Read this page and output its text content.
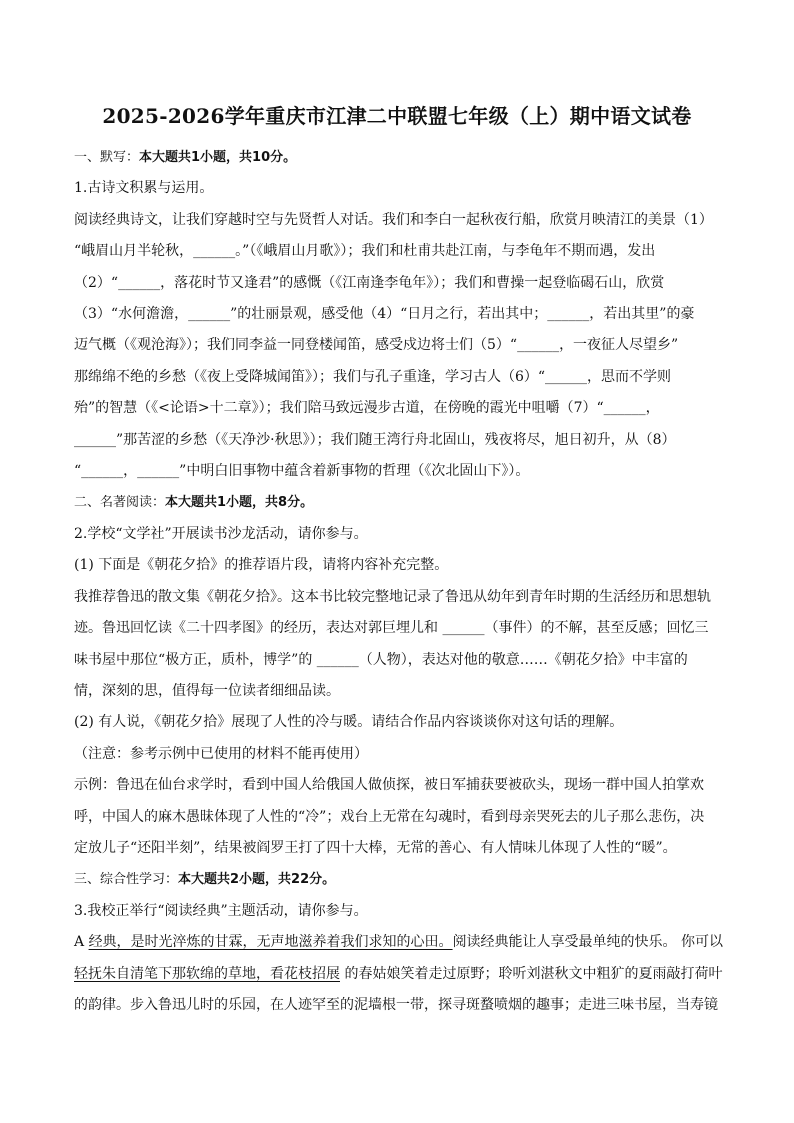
2025-2026学年重庆市江津二中联盟七年级（上）期中语文试卷

一、默写：本大题共1小题，共10分。

1.古诗文积累与运用。

阅读经典诗文，让我们穿越时空与先贤哲人对话。我们和李白一起秋夜行船，欣赏月映清江的美景（1）
“峨眉山月半轮秋，______。”（《峨眉山月歌》）；我们和杜甫共赴江南，与李龟年不期而遇，发出
（2）“______，落花时节又逢君”的感慨（《江南逢李龟年》）；我们和曹操一起登临碣石山，欣赏
（3）“水何澹澹，______”的壮丽景观，感受他（4）“日月之行，若出其中；______，若出其里”的豪
迈气概（《观沧海》）；我们同李益一同登楼闻笛，感受戍边将士们（5）“______，一夜征人尽望乡”
那绵绵不绝的乡愁（《夜上受降城闻笛》）；我们与孔子重逢，学习古人（6）“______，思而不学则
殆”的智慧（《<论语>十二章》）；我们陪马致远漫步古道，在傍晚的霞光中咀嚼（7）“______，
______”那苦涩的乡愁（《天净沙·秋思》）；我们随王湾行舟北固山，残夜将尽，旭日初升，从（8）
“______，______”中明白旧事物中蕴含着新事物的哲理（《次北固山下》）。

二、名著阅读：本大题共1小题，共8分。

2.学校“文学社”开展读书沙龙活动，请你参与。

(1) 下面是《朝花夕拾》的推荐语片段，请将内容补充完整。

我推荐鲁迅的散文集《朝花夕拾》。这本书比较完整地记录了鲁迅从幼年到青年时期的生活经历和思想轨
迹。鲁迅回忆读《二十四孝图》的经历，表达对郭巨埋儿和 ______（事件）的不解，甚至反感；回忆三
味书屋中那位“极方正，质朴，博学”的 ______（人物），表达对他的敬意……《朝花夕拾》中丰富的
情，深刻的思，值得每一位读者细细品读。

(2) 有人说，《朝花夕拾》展现了人性的冷与暖。请结合作品内容谈谈你对这句话的理解。

（注意：参考示例中已使用的材料不能再使用）

示例：鲁迅在仙台求学时，看到中国人给俄国人做侦探，被日军捕获要被砍头，现场一群中国人拍掌欢
呼，中国人的麻木愚昧体现了人性的“冷”；戏台上无常在勾魂时，看到母亲哭死去的儿子那么悲伤，决
定放儿子“还阳半刻”，结果被阎罗王打了四十大棒，无常的善心、有人情味儿体现了人性的“暖”。

三、综合性学习：本大题共2小题，共22分。

3.我校正举行“阅读经典”主题活动，请你参与。

A 经典，是时光淬炼的甘霖，无声地滋养着我们求知的心田。阅读经典能让人享受最单纯的快乐。 你可以
轻抚朱自清笔下那软绵的草地，看花枝招展 的春姑娘笑着走过原野；聆听刘湛秋文中粗犷的夏雨敲打荷叶
的韵律。步入鲁迅儿时的乐园，在人迹罕至的泥墙根一带，探寻斑蝥喷烟的趣事；走进三味书屋，当寿镜
